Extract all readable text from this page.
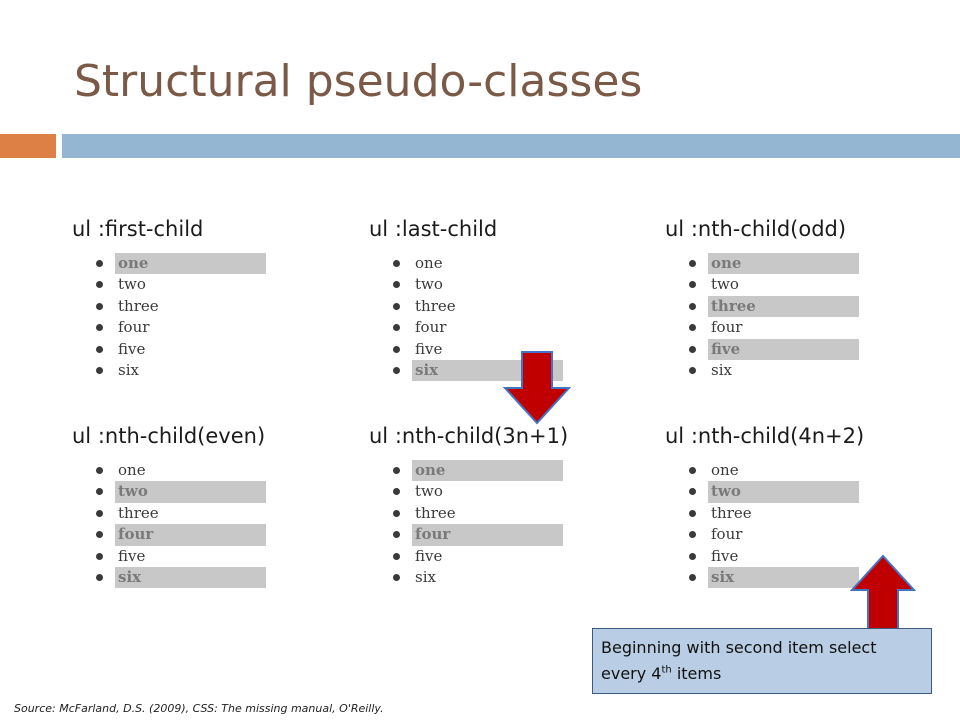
Structural pseudo-classes
ul :first-child
one
two
three
four
five
six
ul :last-child
one
two
three
four
five
six
ul :nth-child(odd)
one
two
three
four
five
six
ul :nth-child(even)
one
two
three
four
five
six
ul :nth-child(3n+1)
one
two
three
four
five
six
ul :nth-child(4n+2)
one
two
three
four
five
six
Beginning with second item select every 4th items
Source: McFarland, D.S. (2009), CSS: The missing manual, O'Reilly.
